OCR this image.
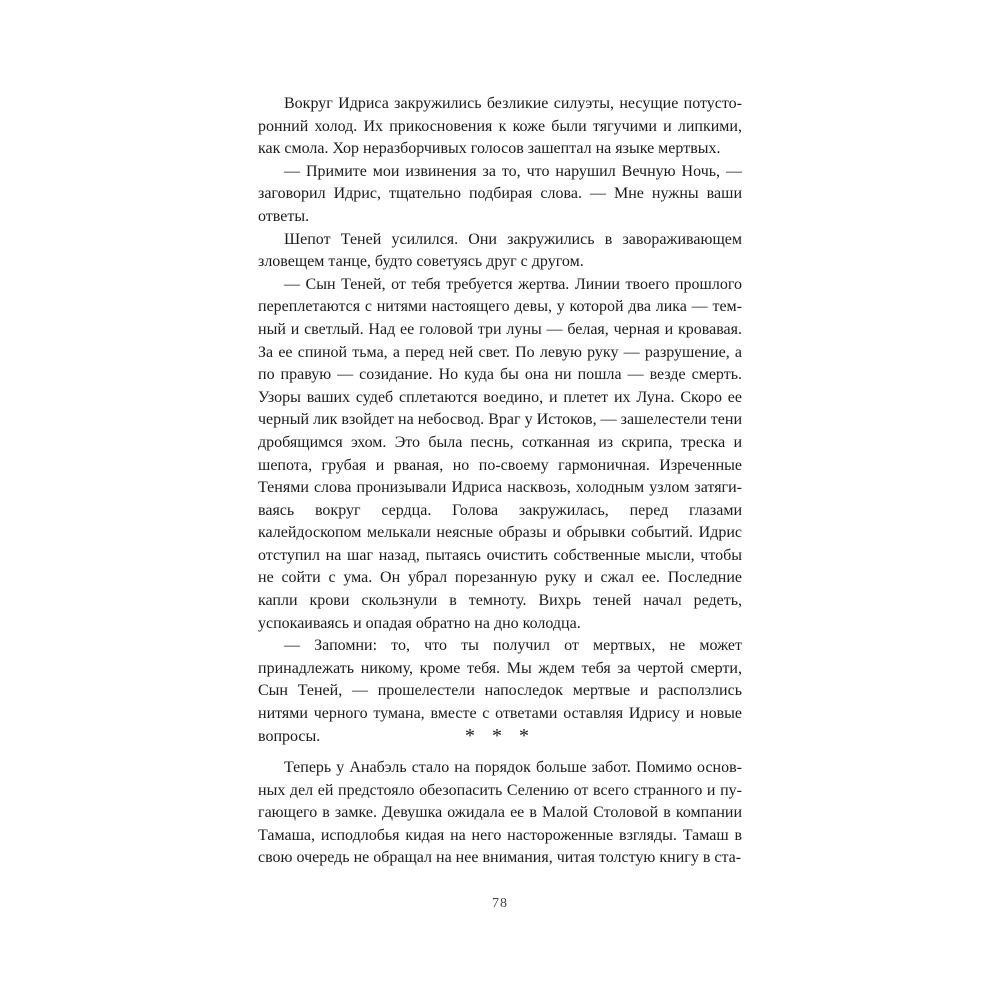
Вокруг Идриса закружились безликие силуэты, несущие потусторонний холод. Их прикосновения к коже были тягучими и липкими, как смола. Хор неразборчивых голосов зашептал на языке мертвых.

— Примите мои извинения за то, что нарушил Вечную Ночь, — заговорил Идрис, тщательно подбирая слова. — Мне нужны ваши ответы.

Шепот Теней усилился. Они закружились в завораживающем зловещем танце, будто советуясь друг с другом.

— Сын Теней, от тебя требуется жертва. Линии твоего прошлого переплетаются с нитями настоящего девы, у которой два лика — темный и светлый. Над ее головой три луны — белая, черная и кровавая. За ее спиной тьма, а перед ней свет. По левую руку — разрушение, а по правую — созидание. Но куда бы она ни пошла — везде смерть. Узоры ваших судеб сплетаются воедино, и плетет их Луна. Скоро ее черный лик взойдет на небосвод. Враг у Истоков, — зашелестели тени дробящимся эхом. Это была песнь, сотканная из скрипа, треска и шепота, грубая и рваная, но по-своему гармоничная. Изреченные Тенями слова пронизывали Идриса насквозь, холодным узлом затягиваясь вокруг сердца. Голова закружилась, перед глазами калейдоскопом мелькали неясные образы и обрывки событий. Идрис отступил на шаг назад, пытаясь очистить собственные мысли, чтобы не сойти с ума. Он убрал порезанную руку и сжал ее. Последние капли крови скользнули в темноту. Вихрь теней начал редеть, успокаиваясь и опадая обратно на дно колодца.

— Запомни: то, что ты получил от мертвых, не может принадлежать никому, кроме тебя. Мы ждем тебя за чертой смерти, Сын Теней, — прошелестели напоследок мертвые и расползлись нитями черного тумана, вместе с ответами оставляя Идрису и новые вопросы.	* * *

Теперь у Анабэль стало на порядок больше забот. Помимо основных дел ей предстояло обезопасить Селению от всего странного и пугающего в замке. Девушка ожидала ее в Малой Столовой в компании Тамаша, исподлобья кидая на него настороженные взгляды. Тамаш в свою очередь не обращал на нее внимания, читая толстую книгу в ста-

78
